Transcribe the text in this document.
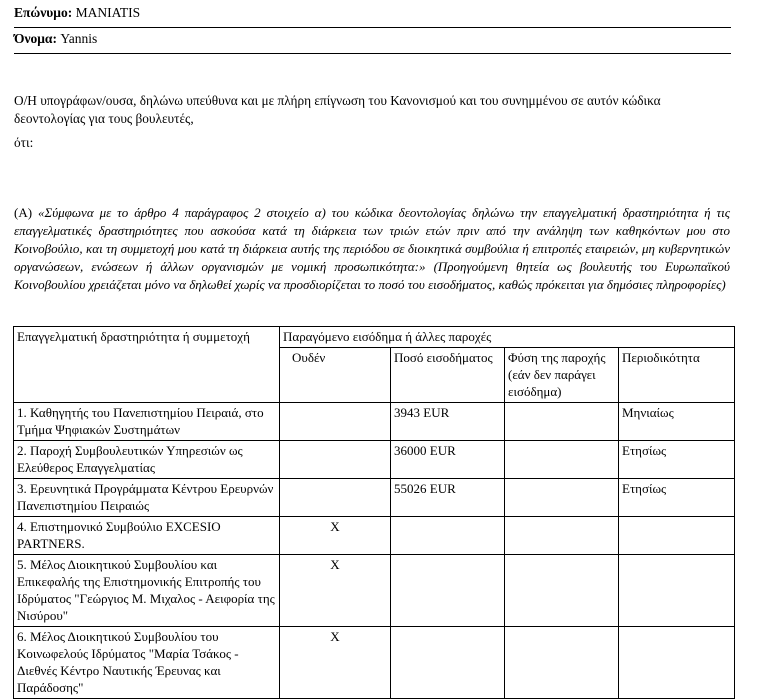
Επώνυμο: MANIATIS
Όνομα: Yannis
Ο/Η υπογράφων/ουσα, δηλώνω υπεύθυνα και με πλήρη επίγνωση του Κανονισμού και του συνημμένου σε αυτόν κώδικα
δεοντολογίας για τους βουλευτές,
ότι:
(A) «Σύμφωνα με το άρθρο 4 παράγραφος 2 στοιχείο α) του κώδικα δεοντολογίας δηλώνω την επαγγελματική δραστηριότητα ή τις επαγγελματικές δραστηριότητες που ασκούσα κατά τη διάρκεια των τριών ετών πριν από την ανάληψη των καθηκόντων μου στο Κοινοβούλιο, και τη συμμετοχή μου κατά τη διάρκεια αυτής της περιόδου σε διοικητικά συμβούλια ή επιτροπές εταιρειών, μη κυβερνητικών οργανώσεων, ενώσεων ή άλλων οργανισμών με νομική προσωπικότητα:» (Προηγούμενη θητεία ως βουλευτής του Ευρωπαϊκού Κοινοβουλίου χρειάζεται μόνο να δηλωθεί χωρίς να προσδιορίζεται το ποσό του εισοδήματος, καθώς πρόκειται για δημόσιες πληροφορίες)
Επαγγελματική δραστηριότητα ή συμμετοχή	Παραγόμενο εισόδημα ή άλλες παροχές			
	Ουδέν	Ποσό εισοδήματος	Φύση της παροχής (εάν δεν παράγει εισόδημα)	Περιοδικότητα
1. Καθηγητής του Πανεπιστημίου Πειραιά, στο Τμήμα Ψηφιακών Συστημάτων		3943 EUR		Μηνιαίως
2. Παροχή Συμβουλευτικών Υπηρεσιών ως Ελεύθερος Επαγγελματίας		36000 EUR		Ετησίως
3. Ερευνητικά Προγράμματα Κέντρου Ερευρνών Πανεπιστημίου Πειραιώς		55026 EUR		Ετησίως
4. Επιστημονικό Συμβούλιο EXCESIO PARTNERS.	X			
5. Μέλος Διοικητικού Συμβουλίου και Επικεφαλής της Επιστημονικής Επιτροπής του Ιδρύματος "Γεώργιος Μ. Μιχαλος - Αειφορία της Νισύρου"	X			
6. Μέλος Διοικητικού Συμβουλίου του Κοινωφελούς Ιδρύματος "Μαρία Τσάκος - Διεθνές Κέντρο Ναυτικής Έρευνας και Παράδοσης"	X			
